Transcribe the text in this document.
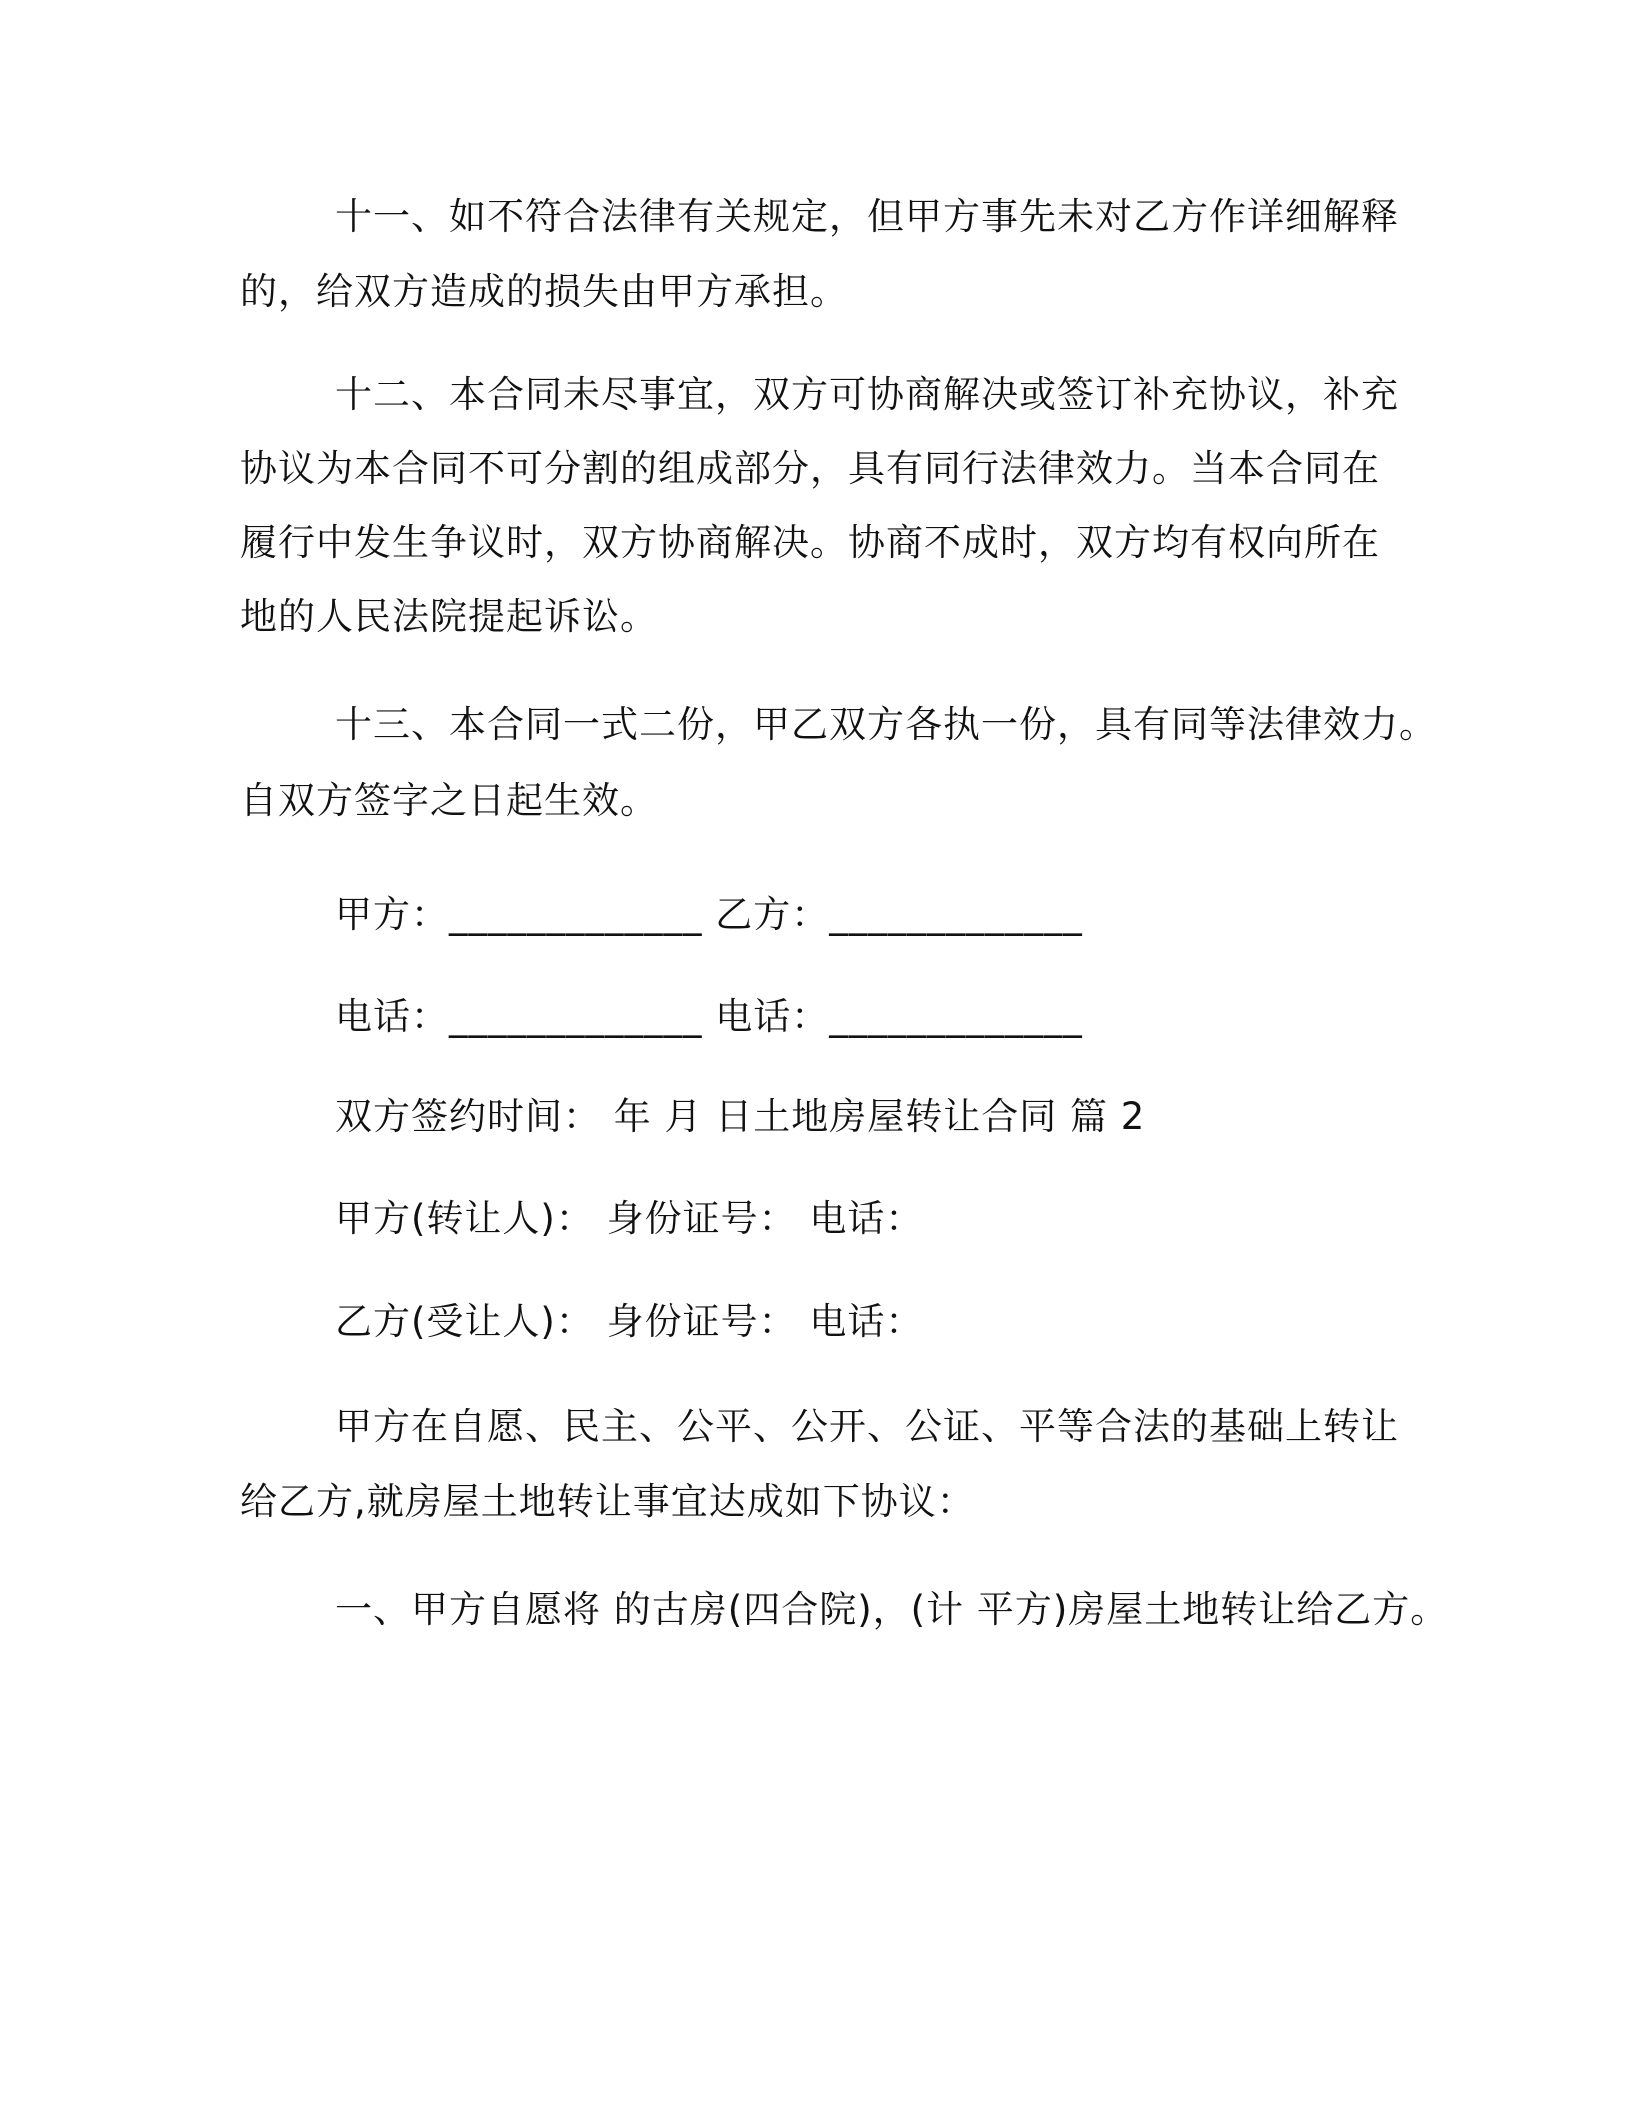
十一、如不符合法律有关规定，但甲方事先未对乙方作详细解释
的，给双方造成的损失由甲方承担。
十二、本合同未尽事宜，双方可协商解决或签订补充协议，补充
协议为本合同不可分割的组成部分，具有同行法律效力。当本合同在
履行中发生争议时，双方协商解决。协商不成时，双方均有权向所在
地的人民法院提起诉讼。
十三、本合同一式二份，甲乙双方各执一份，具有同等法律效力。
自双方签字之日起生效。
甲方：_____________ 乙方：_____________
电话：_____________ 电话：_____________
双方签约时间： 年 月 日土地房屋转让合同 篇 2
甲方(转让人)： 身份证号： 电话：
乙方(受让人)： 身份证号： 电话：
甲方在自愿、民主、公平、公开、公证、平等合法的基础上转让
给乙方,就房屋土地转让事宜达成如下协议：
一、甲方自愿将 的古房(四合院)，(计 平方)房屋土地转让给乙方。
